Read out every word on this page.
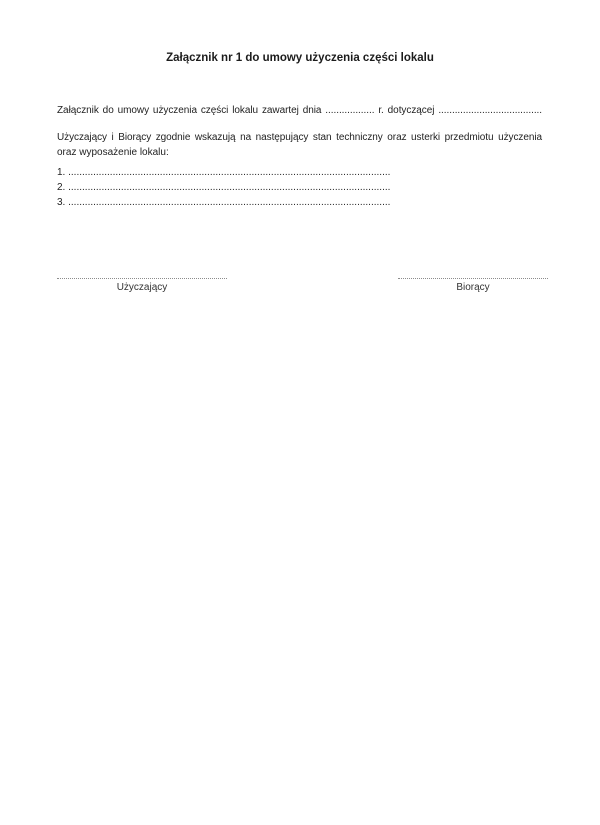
Załącznik nr 1 do umowy użyczenia części lokalu

Załącznik do umowy użyczenia części lokalu zawartej dnia .................. r. dotyczącej ......................................

Użyczający i Biorący zgodnie wskazują na następujący stan techniczny oraz usterki przedmiotu użyczenia
oraz wyposażenie lokalu:
1. ....................................................................................................................
2. ....................................................................................................................
3. ....................................................................................................................
Użyczający	Biorący
